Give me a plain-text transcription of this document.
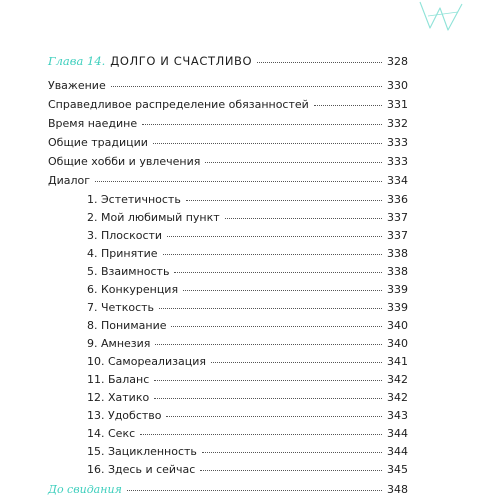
Глава 14. ДОЛГО И СЧАСТЛИВО	328
Уважение	330
Справедливое распределение обязанностей	331
Время наедине	332
Общие традиции	333
Общие хобби и увлечения	333
Диалог	334
1. Эстетичность	336
2. Мой любимый пункт	337
3. Плоскости	337
4. Принятие	338
5. Взаимность	338
6. Конкуренция	339
7. Четкость	339
8. Понимание	340
9. Амнезия	340
10. Самореализация	341
11. Баланс	342
12. Хатико	342
13. Удобство	343
14. Секс	344
15. Зацикленность	344
16. Здесь и сейчас	345
До свидания	348
